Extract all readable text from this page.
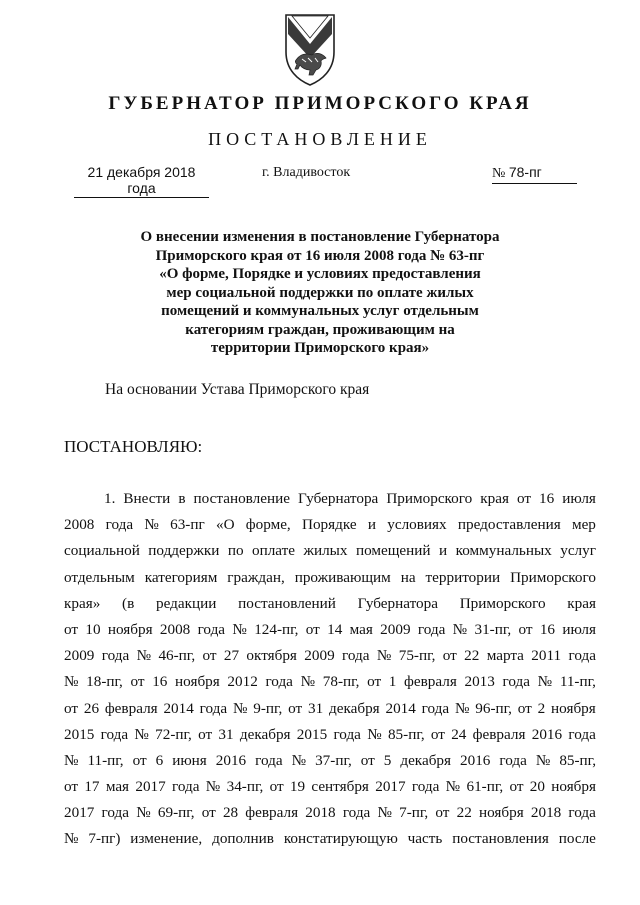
ГУБЕРНАТОР ПРИМОРСКОГО КРАЯ
ПОСТАНОВЛЕНИЕ
21 декабря 2018 года
г. Владивосток	№ 78-пг
О внесении изменения в постановление Губернатора
Приморского края от 16 июля 2008 года № 63-пг
«О форме, Порядке и условиях предоставления
мер социальной поддержки по оплате жилых
помещений и коммунальных услуг отдельным
категориям граждан, проживающим на
территории Приморского края»
На основании Устава Приморского края
ПОСТАНОВЛЯЮ:
1. Внести в постановление Губернатора Приморского края от 16 июля
2008 года № 63-пг «О форме, Порядке и условиях предоставления мер
социальной поддержки по оплате жилых помещений и коммунальных услуг
отдельным категориям граждан, проживающим на территории Приморского
края» (в редакции постановлений Губернатора Приморского края
от 10 ноября 2008 года № 124-пг, от 14 мая 2009 года № 31-пг, от 16 июля
2009 года № 46-пг, от 27 октября 2009 года № 75-пг, от 22 марта 2011 года
№ 18-пг, от 16 ноября 2012 года № 78-пг, от 1 февраля 2013 года № 11-пг,
от 26 февраля 2014 года № 9-пг, от 31 декабря 2014 года № 96-пг, от 2 ноября
2015 года № 72-пг, от 31 декабря 2015 года № 85-пг, от 24 февраля 2016 года
№ 11-пг, от 6 июня 2016 года № 37-пг, от 5 декабря 2016 года № 85-пг,
от 17 мая 2017 года № 34-пг, от 19 сентября 2017 года № 61-пг, от 20 ноября
2017 года № 69-пг, от 28 февраля 2018 года № 7-пг, от 22 ноября 2018 года
№ 7-пг) изменение, дополнив констатирующую часть постановления после
